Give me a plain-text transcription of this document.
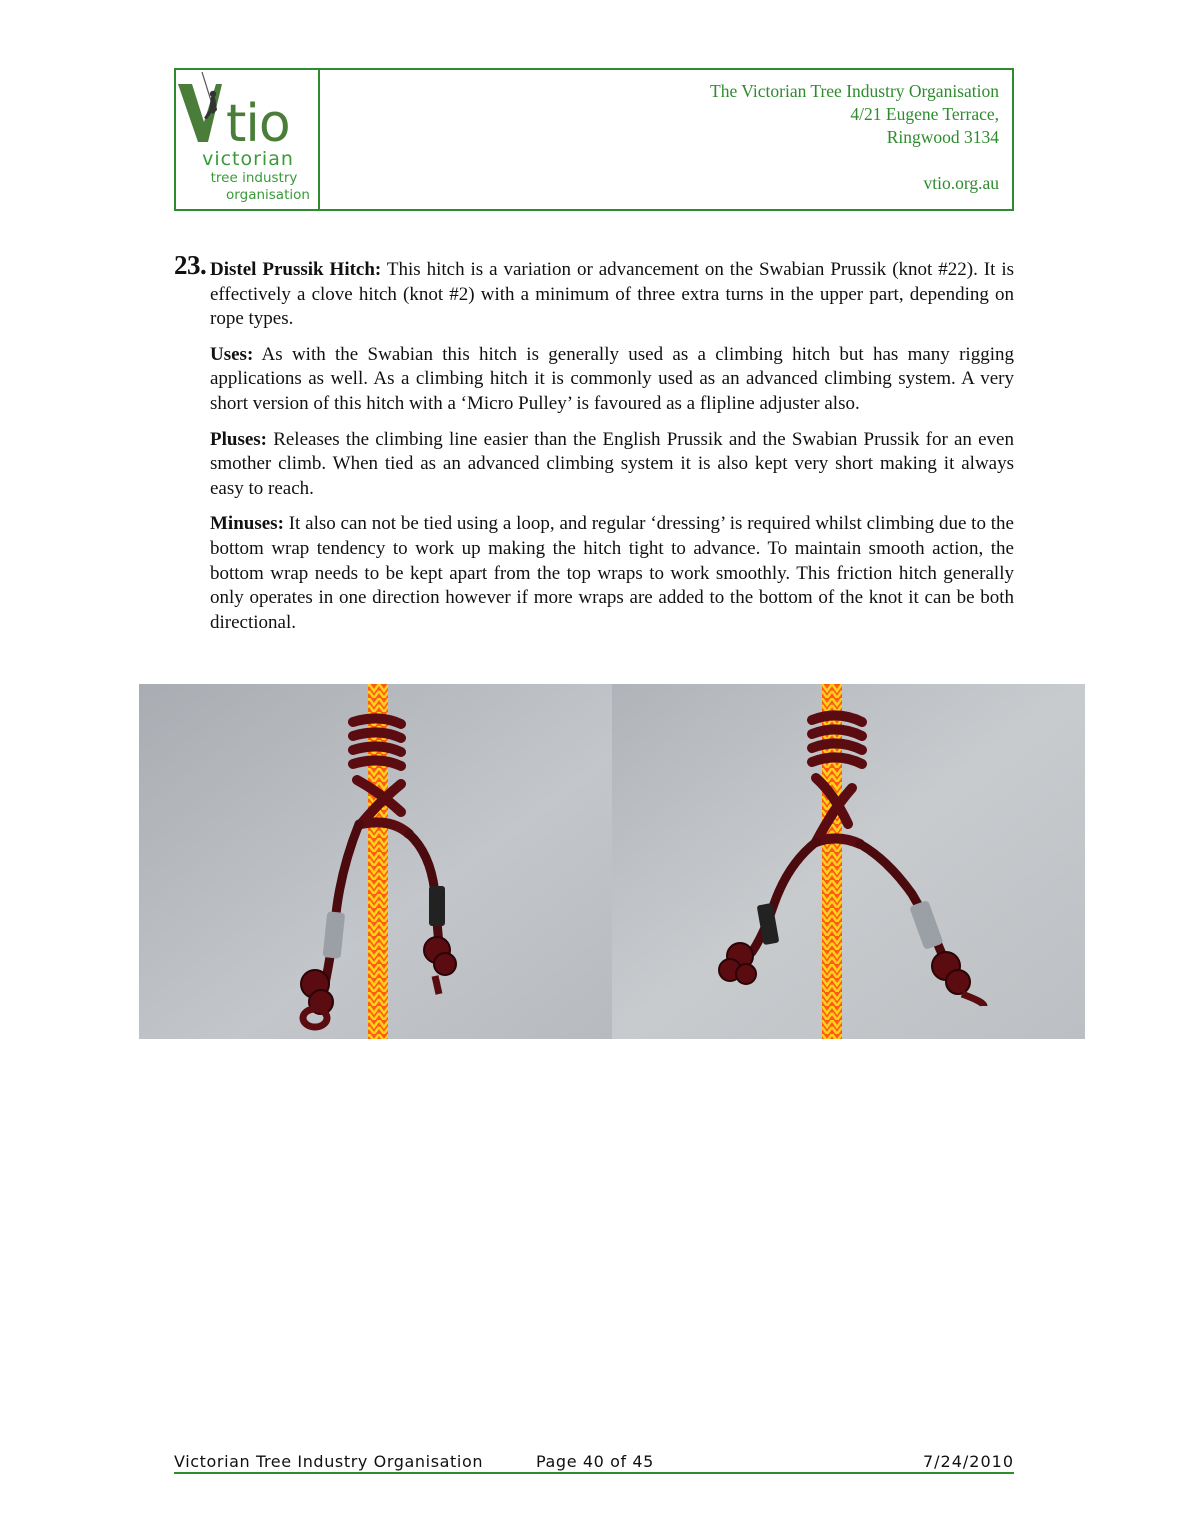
tio
victorian
tree industry
organisation
The Victorian Tree Industry Organisation
4/21 Eugene Terrace,
Ringwood 3134
vtio.org.au
23. Distel Prussik Hitch: This hitch is a variation or advancement on the Swabian Prussik (knot #22). It is effectively a clove hitch (knot #2) with a minimum of three extra turns in the upper part, depending on rope types.

Uses: As with the Swabian this hitch is generally used as a climbing hitch but has many rigging applications as well. As a climbing hitch it is commonly used as an advanced climbing system. A very short version of this hitch with a ‘Micro Pulley’ is favoured as a flipline adjuster also.

Pluses: Releases the climbing line easier than the English Prussik and the Swabian Prussik for an even smother climb. When tied as an advanced climbing system it is also kept very short making it always easy to reach.

Minuses: It also can not be tied using a loop, and regular ‘dressing’ is required whilst climbing due to the bottom wrap tendency to work up making the hitch tight to advance. To maintain smooth action, the bottom wrap needs to be kept apart from the top wraps to work smoothly. This friction hitch generally only operates in one direction however if more wraps are added to the bottom of the knot it can be both directional.

Victorian Tree Industry Organisation	Page 40 of 45	7/24/2010
